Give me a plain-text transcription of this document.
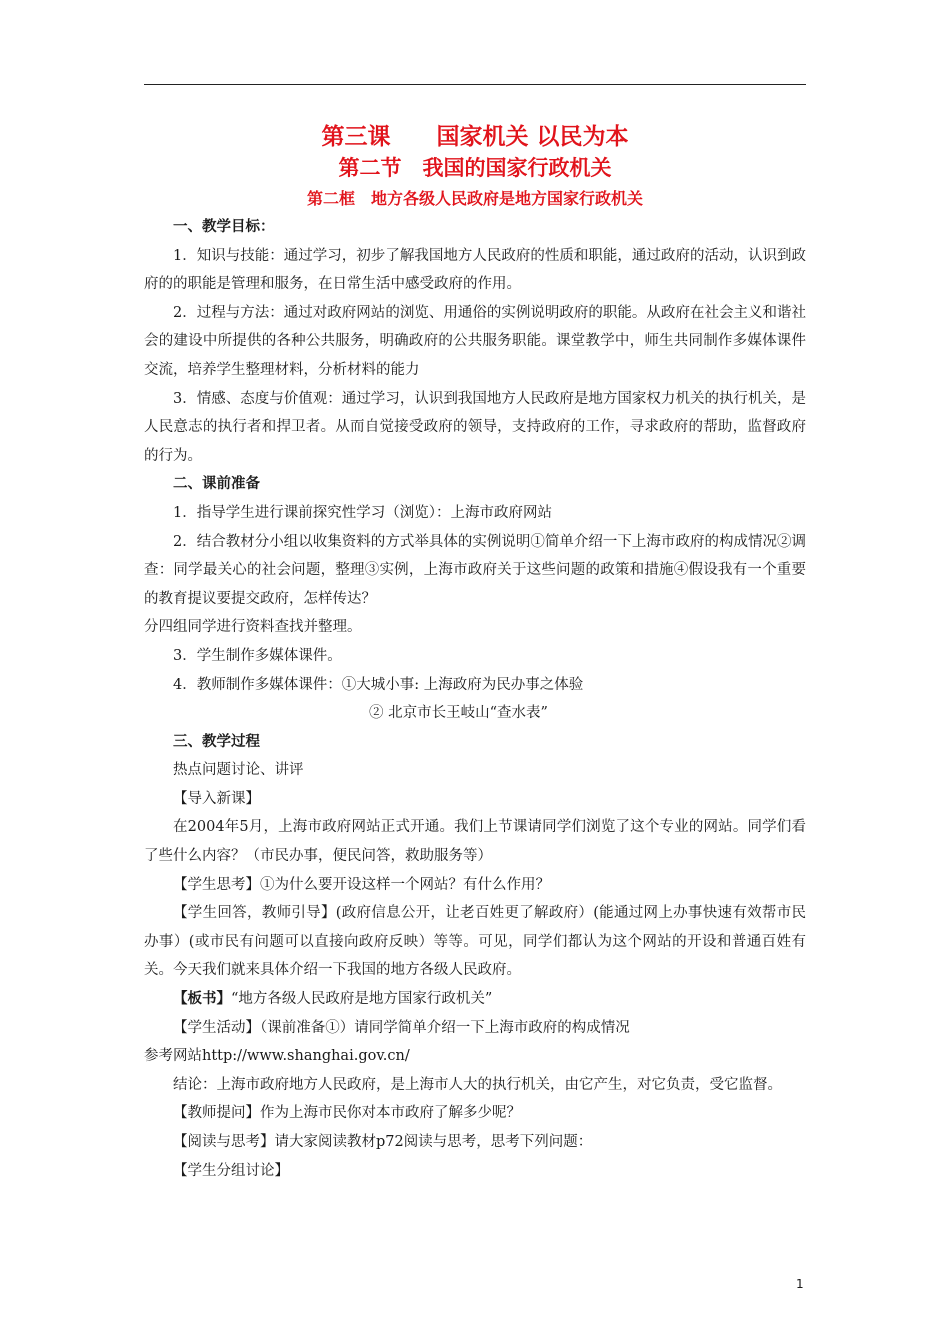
第三课　　国家机关 以民为本
第二节　我国的国家行政机关
第二框　地方各级人民政府是地方国家行政机关

一、教学目标：

1．知识与技能：通过学习，初步了解我国地方人民政府的性质和职能，通过政府的活动，认识到政府的的职能是管理和服务，在日常生活中感受政府的作用。

2．过程与方法：通过对政府网站的浏览、用通俗的实例说明政府的职能。从政府在社会主义和谐社会的建设中所提供的各种公共服务，明确政府的公共服务职能。课堂教学中，师生共同制作多媒体课件交流，培养学生整理材料，分析材料的能力

3．情感、态度与价值观：通过学习，认识到我国地方人民政府是地方国家权力机关的执行机关，是人民意志的执行者和捍卫者。从而自觉接受政府的领导，支持政府的工作，寻求政府的帮助，监督政府的行为。

二、课前准备

1．指导学生进行课前探究性学习（浏览）：上海市政府网站

2．结合教材分小组以收集资料的方式举具体的实例说明①简单介绍一下上海市政府的构成情况②调查：同学最关心的社会问题，整理③实例，上海市政府关于这些问题的政策和措施④假设我有一个重要的教育提议要提交政府，怎样传达？

分四组同学进行资料查找并整理。

3．学生制作多媒体课件。

4．教师制作多媒体课件：①大城小事: 上海政府为民办事之体验

② 北京市长王岐山“查水表”

三、教学过程

热点问题讨论、讲评

【导入新课】

在2004年5月，上海市政府网站正式开通。我们上节课请同学们浏览了这个专业的网站。同学们看了些什么内容？（市民办事，便民问答，救助服务等）

【学生思考】①为什么要开设这样一个网站？有什么作用？

【学生回答，教师引导】(政府信息公开，让老百姓更了解政府）(能通过网上办事快速有效帮市民办事）(或市民有问题可以直接向政府反映）等等。可见，同学们都认为这个网站的开设和普通百姓有关。今天我们就来具体介绍一下我国的地方各级人民政府。

【板书】“地方各级人民政府是地方国家行政机关”

【学生活动】（课前准备①）请同学简单介绍一下上海市政府的构成情况

参考网站http://www.shanghai.gov.cn/

结论：上海市政府地方人民政府，是上海市人大的执行机关，由它产生，对它负责，受它监督。

【教师提问】作为上海市民你对本市政府了解多少呢？

【阅读与思考】请大家阅读教材p72阅读与思考，思考下列问题：

【学生分组讨论】

1
